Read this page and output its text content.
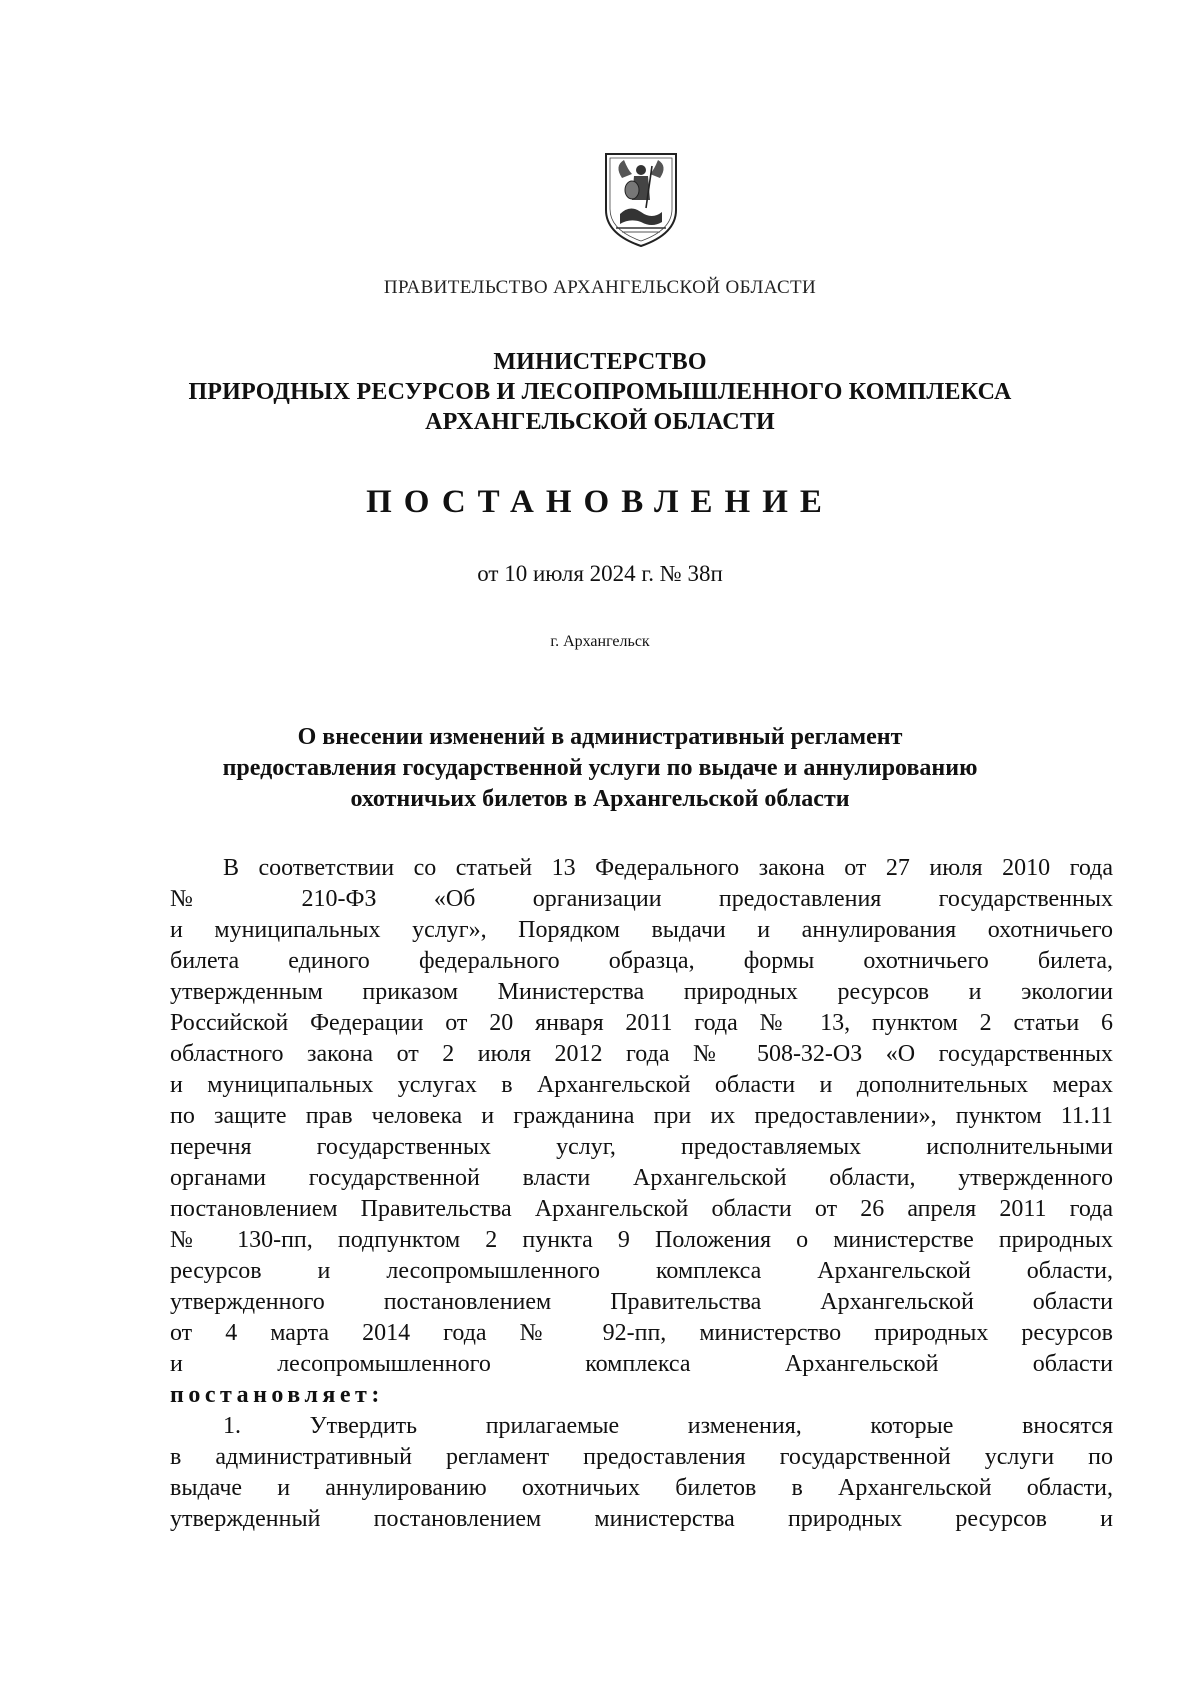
ПРАВИТЕЛЬСТВО АРХАНГЕЛЬСКОЙ ОБЛАСТИ
МИНИСТЕРСТВО
ПРИРОДНЫХ РЕСУРСОВ И ЛЕСОПРОМЫШЛЕННОГО КОМПЛЕКСА
АРХАНГЕЛЬСКОЙ ОБЛАСТИ
ПОСТАНОВЛЕНИЕ
от 10 июля 2024 г. № 38п
г. Архангельск
О внесении изменений в административный регламент
предоставления государственной услуги по выдаче и аннулированию
охотничьих билетов в Архангельской области
В соответствии со статьей 13 Федерального закона от 27 июля 2010 года
№ 210-ФЗ «Об организации предоставления государственных
и муниципальных услуг», Порядком выдачи и аннулирования охотничьего
билета единого федерального образца, формы охотничьего билета,
утвержденным приказом Министерства природных ресурсов и экологии
Российской Федерации от 20 января 2011 года № 13, пунктом 2 статьи 6
областного закона от 2 июля 2012 года № 508-32-ОЗ «О государственных
и муниципальных услугах в Архангельской области и дополнительных мерах
по защите прав человека и гражданина при их предоставлении», пунктом 11.11
перечня государственных услуг, предоставляемых исполнительными
органами государственной власти Архангельской области, утвержденного
постановлением Правительства Архангельской области от 26 апреля 2011 года
№ 130-пп, подпунктом 2 пункта 9 Положения о министерстве природных
ресурсов и лесопромышленного комплекса Архангельской области,
утвержденного постановлением Правительства Архангельской области
от 4 марта 2014 года № 92-пп, министерство природных ресурсов
и лесопромышленного комплекса Архангельской области
постановляет:
1. Утвердить прилагаемые изменения, которые вносятся
в административный регламент предоставления государственной услуги по
выдаче и аннулированию охотничьих билетов в Архангельской области,
утвержденный постановлением министерства природных ресурсов и
